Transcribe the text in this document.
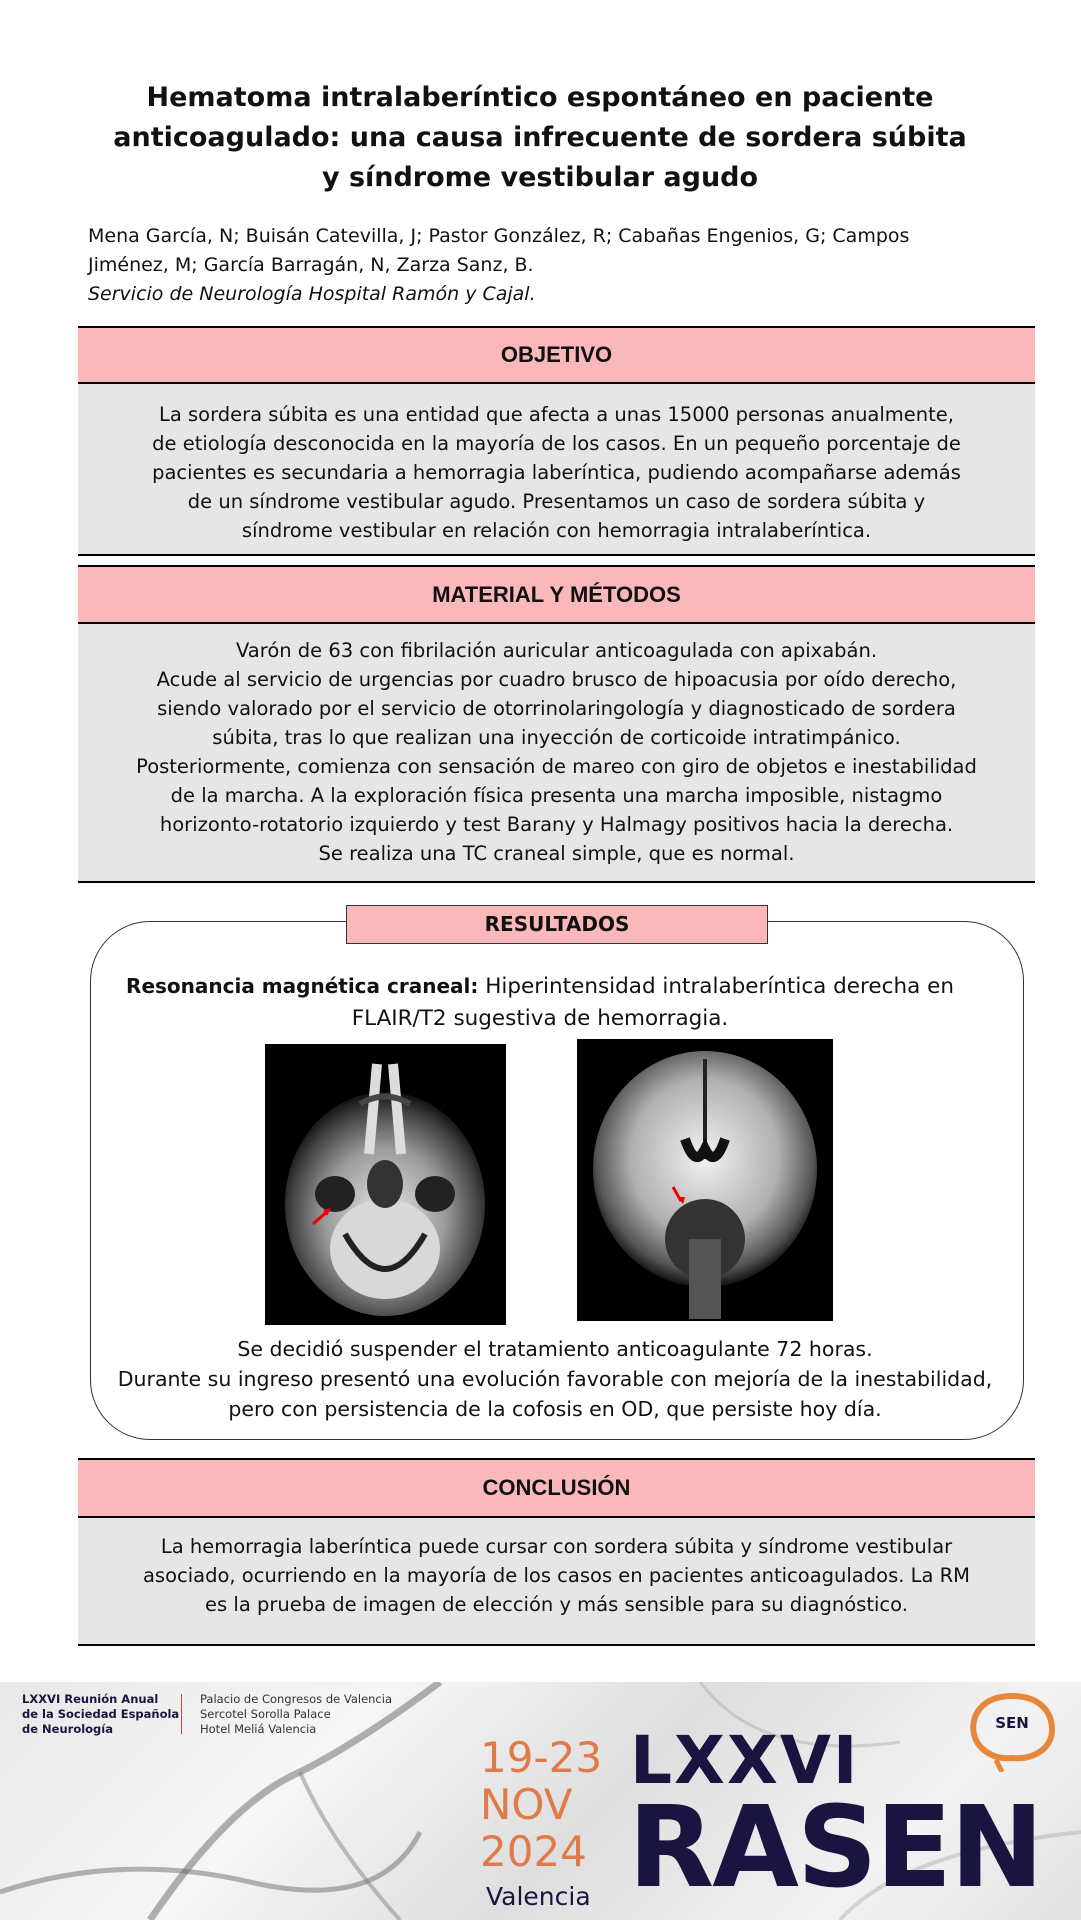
Hematoma intralaberíntico espontáneo en paciente anticoagulado: una causa infrecuente de sordera súbita y síndrome vestibular agudo
Mena García, N; Buisán Catevilla, J; Pastor González, R; Cabañas Engenios, G; Campos
Jiménez, M; García Barragán, N, Zarza Sanz, B.
Servicio de Neurología Hospital Ramón y Cajal.
OBJETIVO

La sordera súbita es una entidad que afecta a unas 15000 personas anualmente, de etiología desconocida en la mayoría de los casos. En un pequeño porcentaje de pacientes es secundaria a hemorragia laberíntica, pudiendo acompañarse además de un síndrome vestibular agudo. Presentamos un caso de sordera súbita y síndrome vestibular en relación con hemorragia intralaberíntica.

MATERIAL Y MÉTODOS

Varón de 63 con fibrilación auricular anticoagulada con apixabán.

Acude al servicio de urgencias por cuadro brusco de hipoacusia por oído derecho, siendo valorado por el servicio de otorrinolaringología y diagnosticado de sordera súbita, tras lo que realizan una inyección de corticoide intratimpánico.

Posteriormente, comienza con sensación de mareo con giro de objetos e inestabilidad de la marcha. A la exploración física presenta una marcha imposible, nistagmo horizonto-rotatorio izquierdo y test Barany y Halmagy positivos hacia la derecha.

Se realiza una TC craneal simple, que es normal.

RESULTADOS

Resonancia magnética craneal: Hiperintensidad intralaberíntica derecha en FLAIR/T2 sugestiva de hemorragia.

Se decidió suspender el tratamiento anticoagulante 72 horas.
Durante su ingreso presentó una evolución favorable con mejoría de la inestabilidad, pero con persistencia de la cofosis en OD, que persiste hoy día.
CONCLUSIÓN

La hemorragia laberíntica puede cursar con sordera súbita y síndrome vestibular asociado, ocurriendo en la mayoría de los casos en pacientes anticoagulados. La RM es la prueba de imagen de elección y más sensible para su diagnóstico.

LXXVI Reunión Anual
de la Sociedad Española
de Neurología
Palacio de Congresos de Valencia
Sercotel Sorolla Palace
Hotel Meliá Valencia
19-23
NOV
2024
Valencia
LXXVI
RASEN
SEN
